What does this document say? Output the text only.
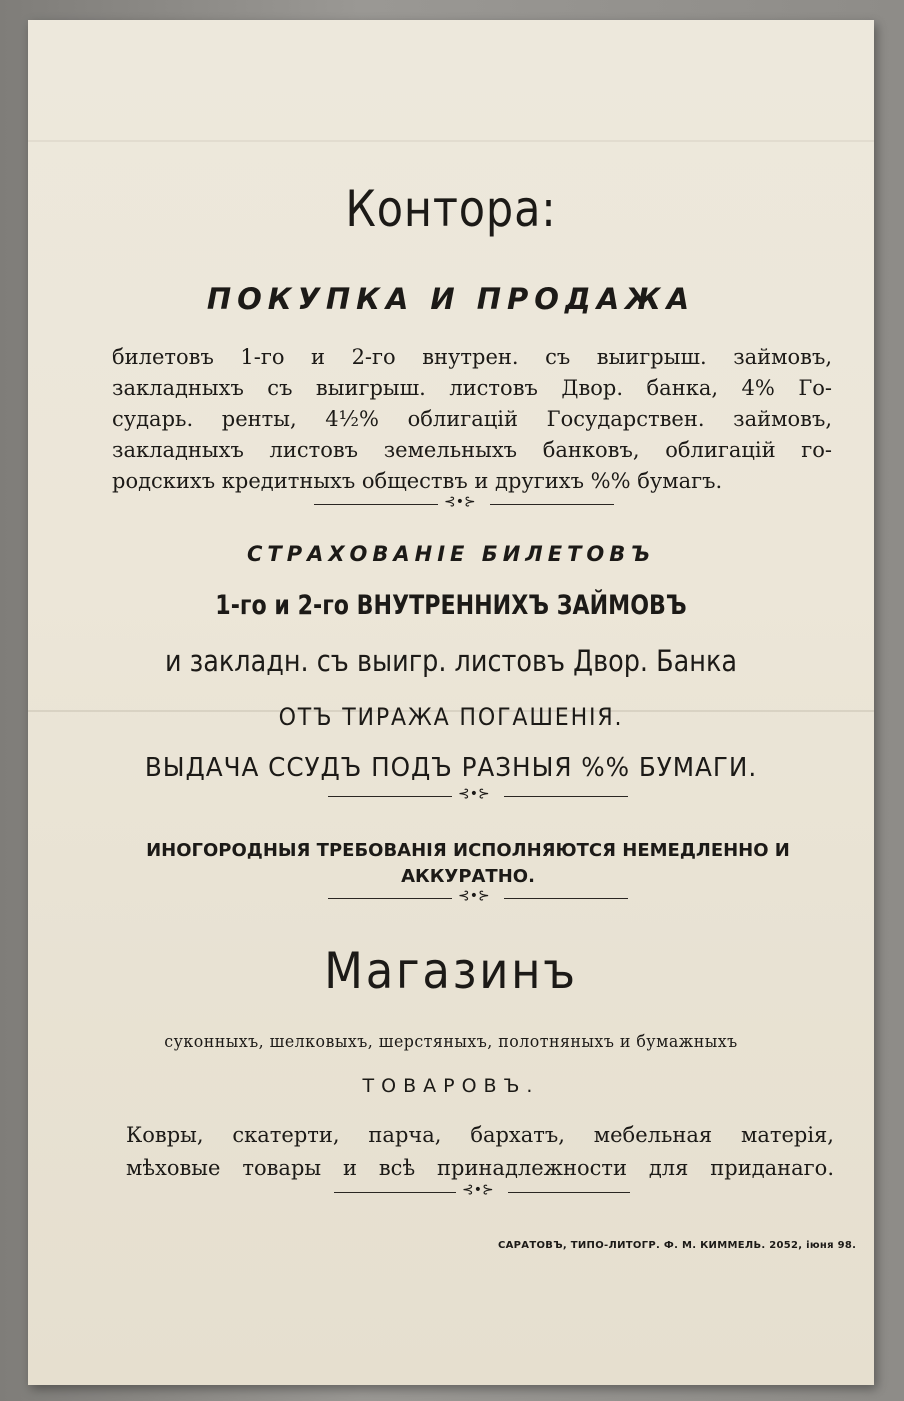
Контора:
ПОКУПКА И ПРОДАЖА
билетовъ 1-го и 2-го внутрен. съ выигрыш. займовъ,
закладныхъ съ выигрыш. листовъ Двор. банка, 4% Го-
сударь. ренты, 4½% облигацій Государствен. займовъ,
закладныхъ листовъ земельныхъ банковъ, облигацій го-
родскихъ кредитныхъ обществъ и другихъ %% бумагъ.
⊰•⊱
СТРАХОВАНІЕ БИЛЕТОВЪ
1-го и 2-го ВНУТРЕННИХЪ ЗАЙМОВЪ
и закладн. съ выигр. листовъ Двор. Банка
ОТЪ ТИРАЖА ПОГАШЕНІЯ.
ВЫДАЧА ССУДЪ ПОДЪ РАЗНЫЯ %% БУМАГИ.
⊰•⊱
ИНОГОРОДНЫЯ ТРЕБОВАНІЯ ИСПОЛНЯЮТСЯ НЕМЕДЛЕННО И
АККУРАТНО.
⊰•⊱
Магазинъ
суконныхъ, шелковыхъ, шерстяныхъ, полотняныхъ и бумажныхъ
ТОВАРОВЪ.
Ковры, скатерти, парча, бархатъ, мебельная матерія,
мѣховые товары и всѣ принадлежности для приданаго.
⊰•⊱
САРАТОВЪ, ТИПО-ЛИТОГР. Ф. М. КИММЕЛЬ. 2052, іюня 98.
